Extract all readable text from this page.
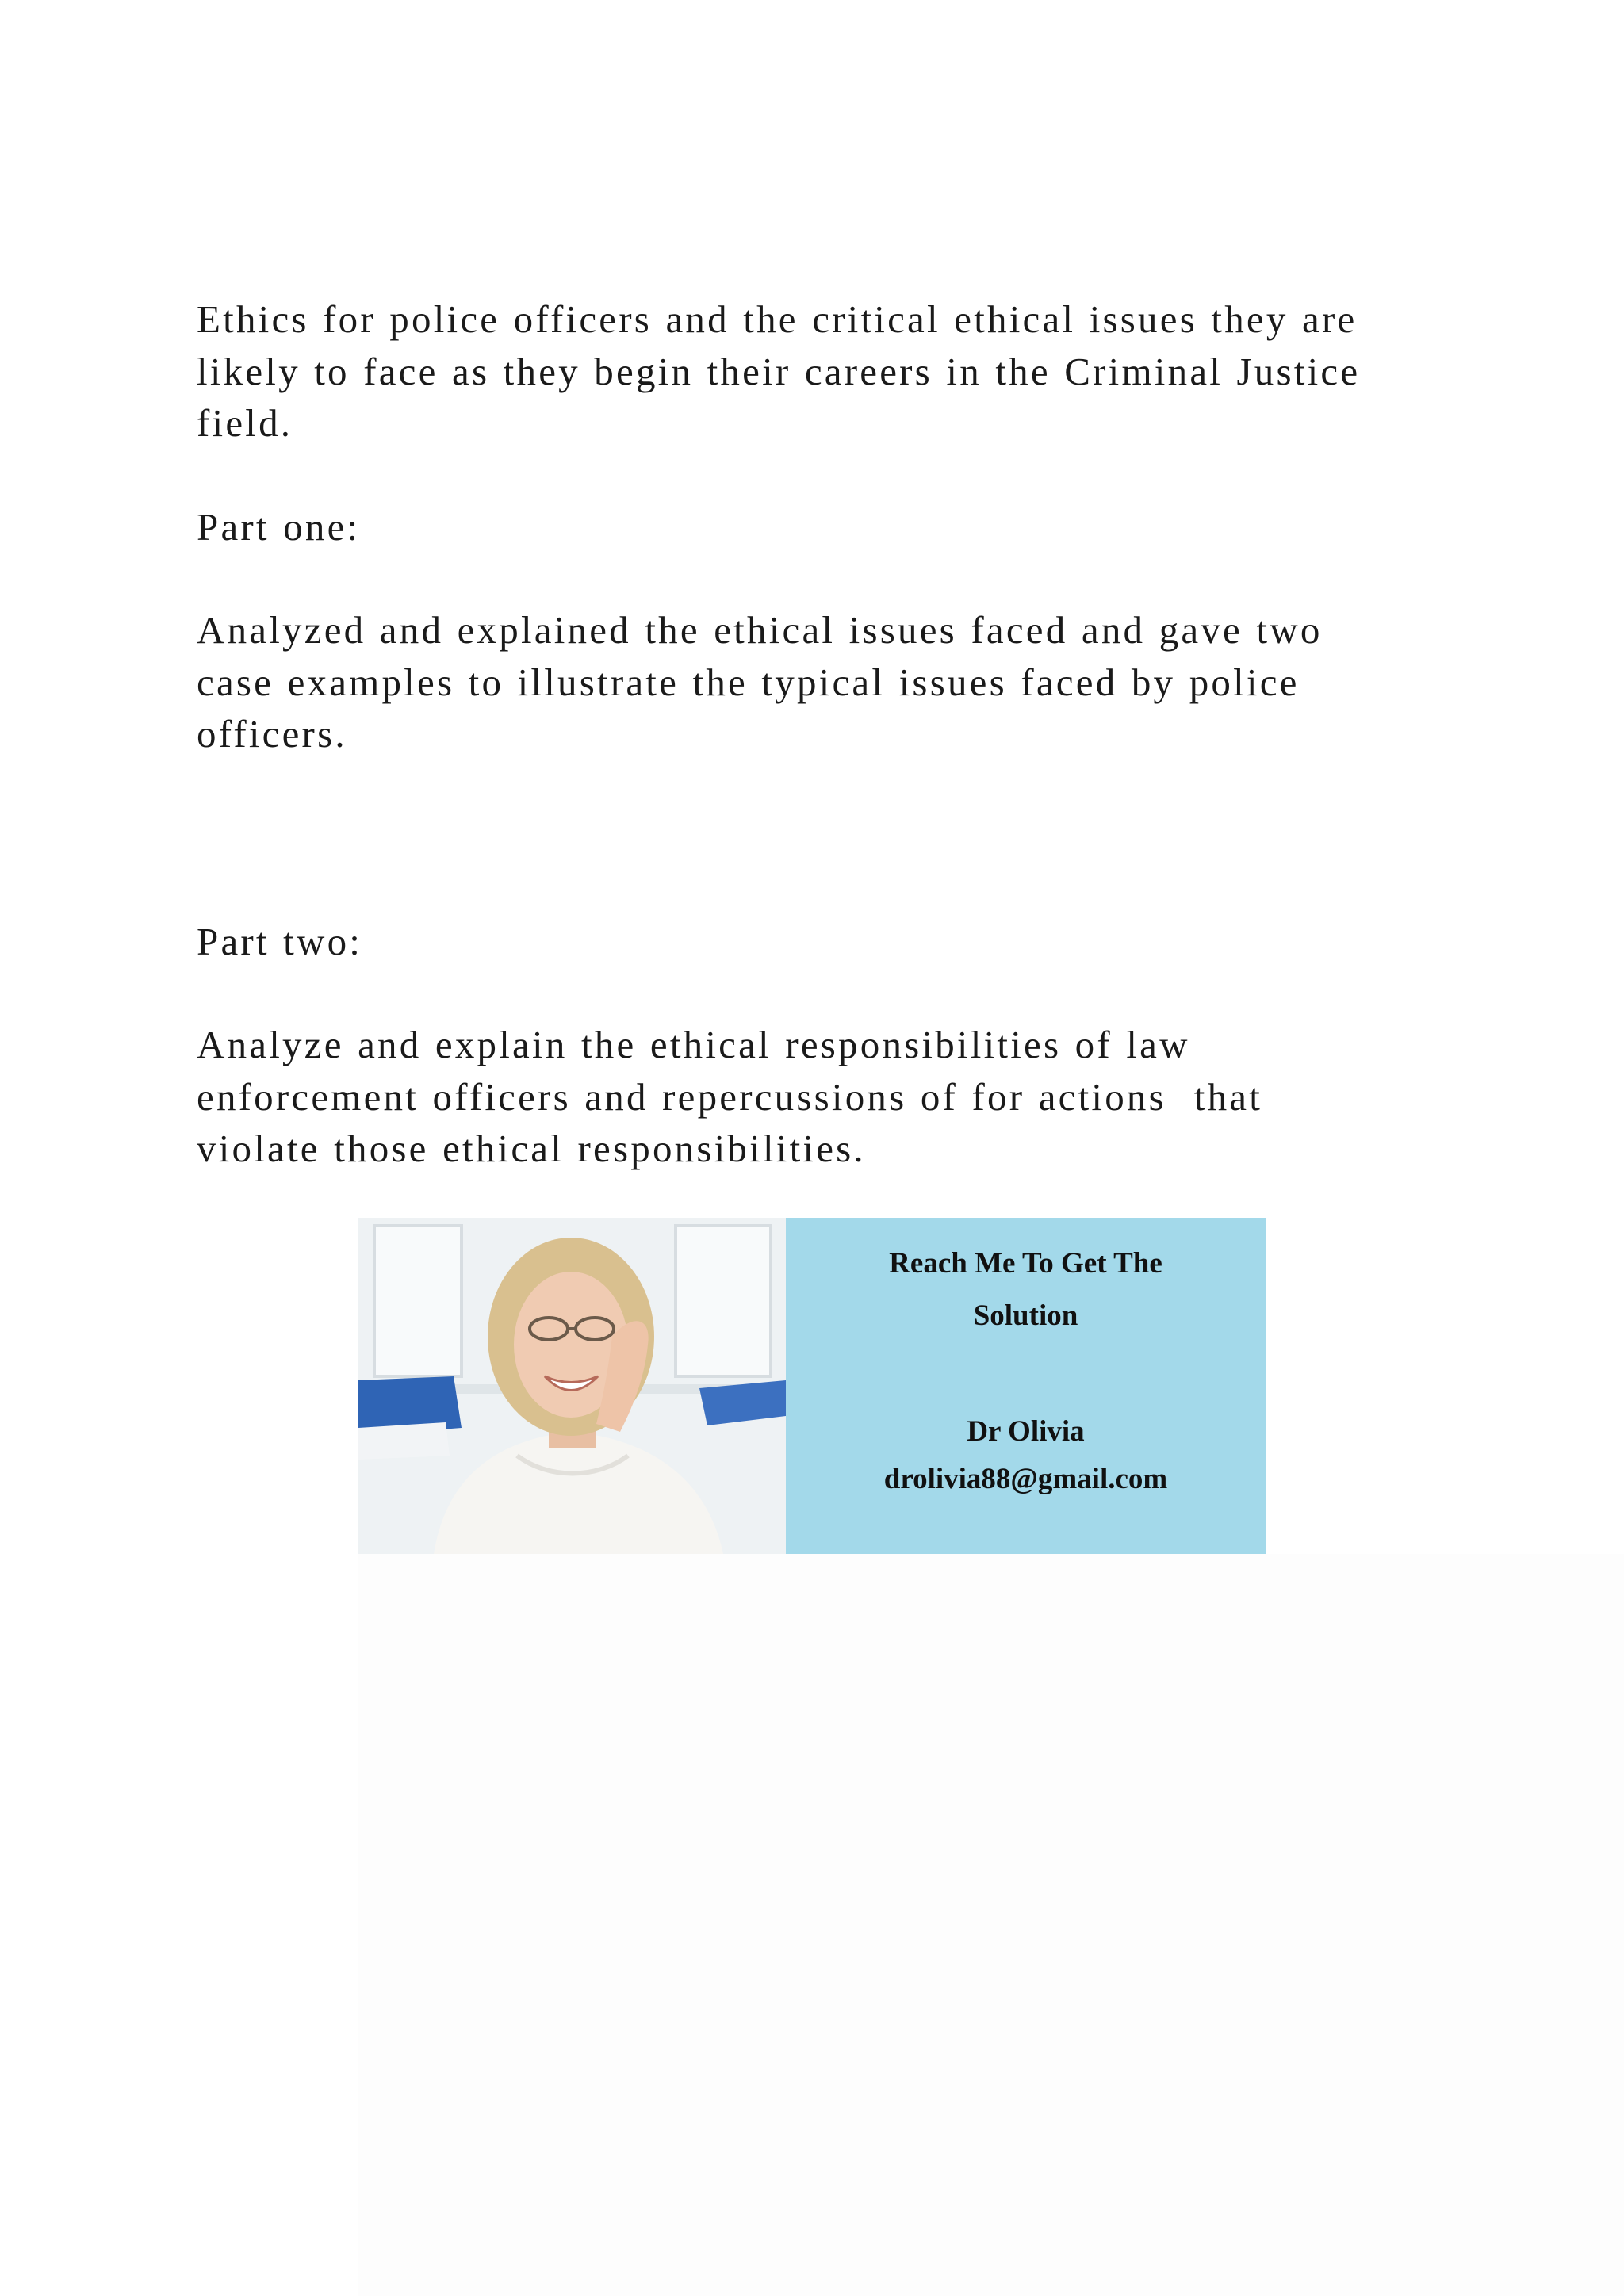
Ethics for police officers and the critical ethical issues they are

likely to face as they begin their careers in the Criminal Justice

field.

Part one:

Analyzed and explained the ethical issues faced and gave two

case examples to illustrate the typical issues faced by police

officers.

Part two:

Analyze and explain the ethical responsibilities of law

enforcement officers and repercussions of for actions  that

violate those ethical responsibilities.

Reach Me To Get The
Solution
Dr Olivia
drolivia88@gmail.com
